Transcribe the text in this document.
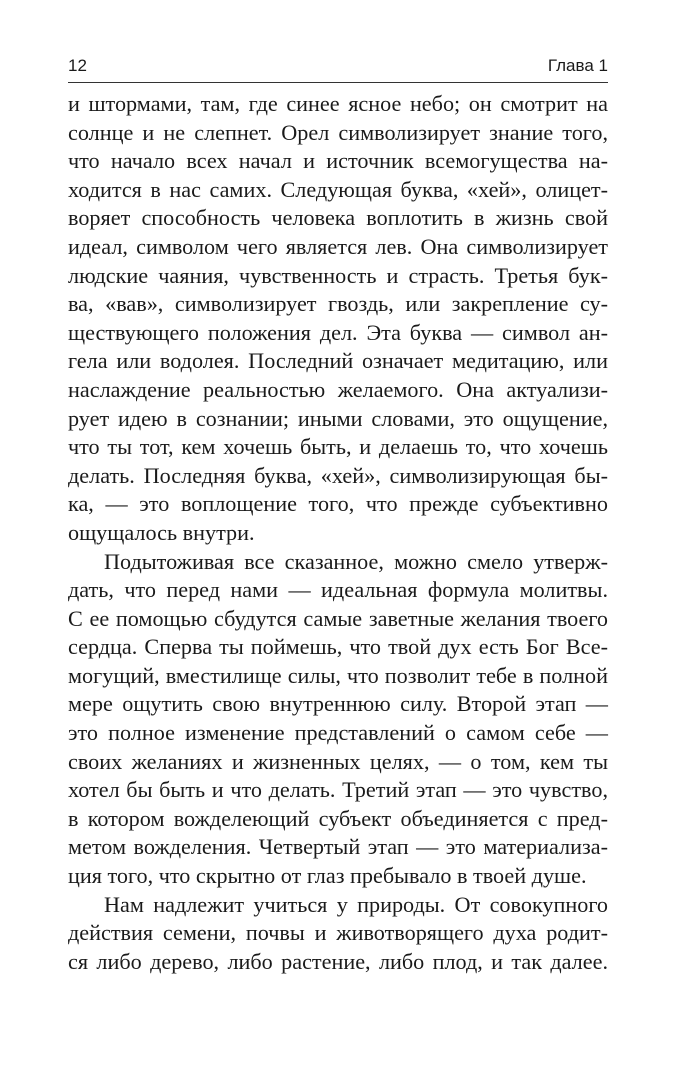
12	Глава 1
и штормами, там, где синее ясное небо; он смотрит на
солнце и не слепнет. Орел символизирует знание того,
что начало всех начал и источник всемогущества на-
ходится в нас самих. Следующая буква, «хей», олицет-
воряет способность человека воплотить в жизнь свой
идеал, символом чего является лев. Она символизирует
людские чаяния, чувственность и страсть. Третья бук-
ва, «вав», символизирует гвоздь, или закрепление су-
ществующего положения дел. Эта буква — символ ан-
гела или водолея. Последний означает медитацию, или
наслаждение реальностью желаемого. Она актуализи-
рует идею в сознании; иными словами, это ощущение,
что ты тот, кем хочешь быть, и делаешь то, что хочешь
делать. Последняя буква, «хей», символизирующая бы-
ка, — это воплощение того, что прежде субъективно
ощущалось внутри.
Подытоживая все сказанное, можно смело утверж-
дать, что перед нами — идеальная формула молитвы.
С ее помощью сбудутся самые заветные желания твоего
сердца. Сперва ты поймешь, что твой дух есть Бог Все-
могущий, вместилище силы, что позволит тебе в полной
мере ощутить свою внутреннюю силу. Второй этап —
это полное изменение представлений о самом себе —
своих желаниях и жизненных целях, — о том, кем ты
хотел бы быть и что делать. Третий этап — это чувство,
в котором вожделеющий субъект объединяется с пред-
метом вожделения. Четвертый этап — это материализа-
ция того, что скрытно от глаз пребывало в твоей душе.
Нам надлежит учиться у природы. От совокупного
действия семени, почвы и животворящего духа родит-
ся либо дерево, либо растение, либо плод, и так далее.
